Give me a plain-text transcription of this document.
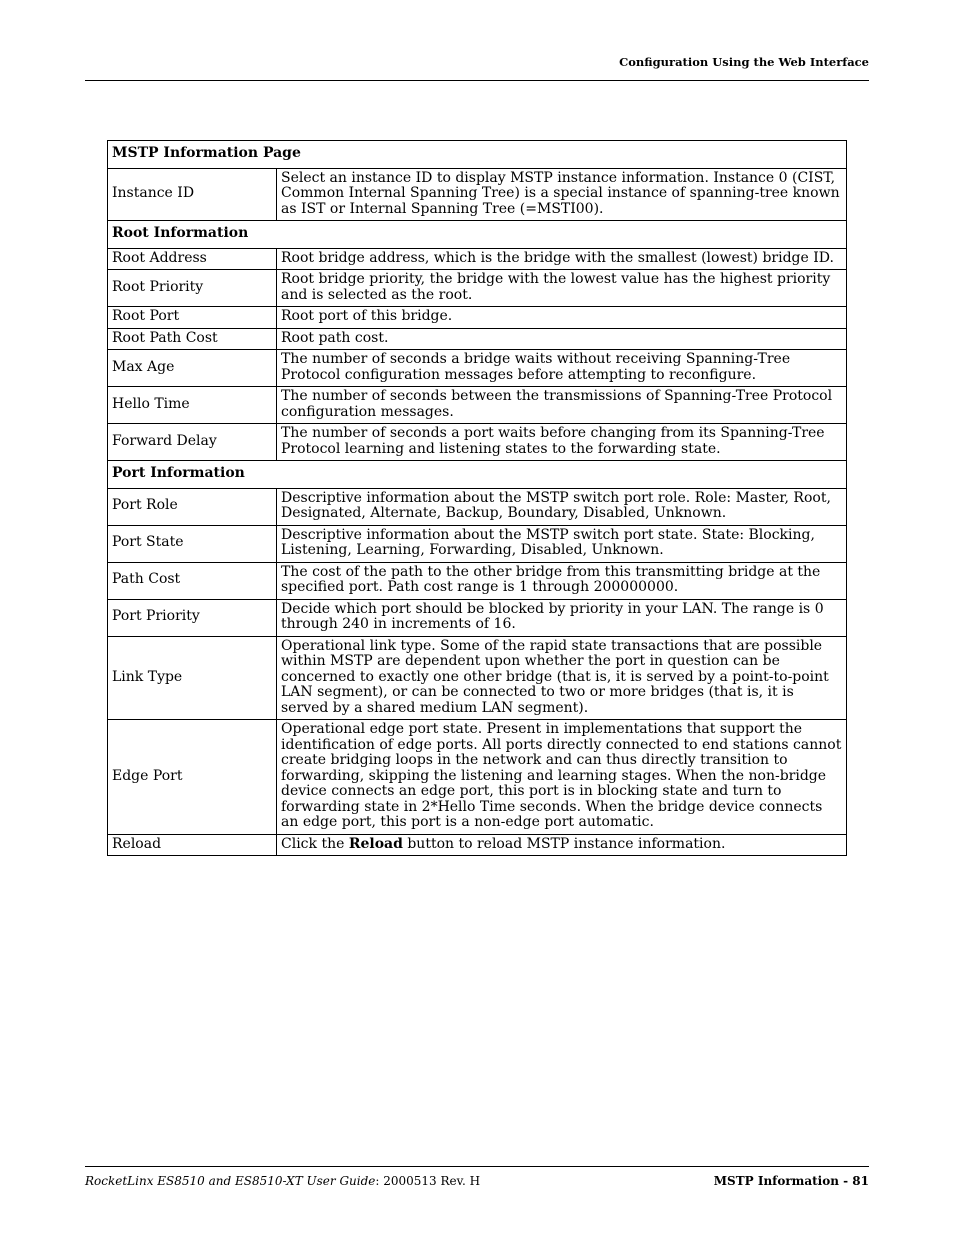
Configuration Using the Web Interface
MSTP Information Page	
Instance ID	Select an instance ID to display MSTP instance information. Instance 0 (CIST, Common Internal Spanning Tree) is a special instance of spanning-tree known as IST or Internal Spanning Tree (=MSTI00).
Root Information	
Root Address	Root bridge address, which is the bridge with the smallest (lowest) bridge ID.
Root Priority	Root bridge priority, the bridge with the lowest value has the highest priority and is selected as the root.
Root Port	Root port of this bridge.
Root Path Cost	Root path cost.
Max Age	The number of seconds a bridge waits without receiving Spanning-Tree Protocol configuration messages before attempting to reconfigure.
Hello Time	The number of seconds between the transmissions of Spanning-Tree Protocol configuration messages.
Forward Delay	The number of seconds a port waits before changing from its Spanning-Tree Protocol learning and listening states to the forwarding state.
Port Information	
Port Role	Descriptive information about the MSTP switch port role. Role: Master, Root, Designated, Alternate, Backup, Boundary, Disabled, Unknown.
Port State	Descriptive information about the MSTP switch port state. State: Blocking, Listening, Learning, Forwarding, Disabled, Unknown.
Path Cost	The cost of the path to the other bridge from this transmitting bridge at the specified port. Path cost range is 1 through 200000000.
Port Priority	Decide which port should be blocked by priority in your LAN. The range is 0 through 240 in increments of 16.
Link Type	Operational link type. Some of the rapid state transactions that are possible within MSTP are dependent upon whether the port in question can be concerned to exactly one other bridge (that is, it is served by a point-to-point LAN segment), or can be connected to two or more bridges (that is, it is served by a shared medium LAN segment).
Edge Port	Operational edge port state. Present in implementations that support the identification of edge ports. All ports directly connected to end stations cannot create bridging loops in the network and can thus directly transition to forwarding, skipping the listening and learning stages. When the non-bridge device connects an edge port, this port is in blocking state and turn to forwarding state in 2*Hello Time seconds. When the bridge device connects an edge port, this port is a non-edge port automatic.
Reload	Click the Reload button to reload MSTP instance information.
RocketLinx ES8510 and ES8510-XT User Guide: 2000513 Rev. H	MSTP Information - 81
